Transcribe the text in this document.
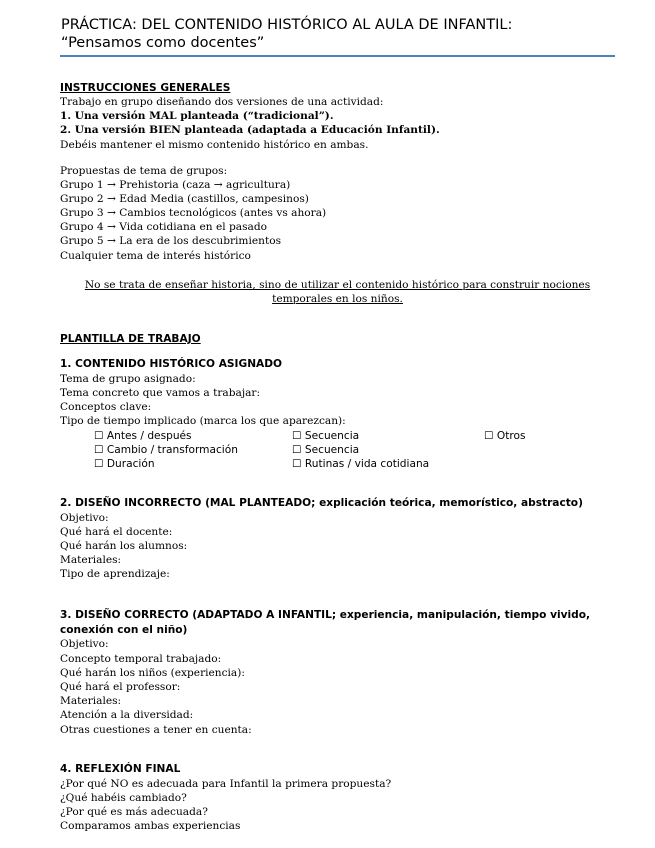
PRÁCTICA: DEL CONTENIDO HISTÓRICO AL AULA DE INFANTIL:
“Pensamos como docentes”
INSTRUCCIONES GENERALES
Trabajo en grupo diseñando dos versiones de una actividad:
1. Una versión MAL planteada (“tradicional”).
2. Una versión BIEN planteada (adaptada a Educación Infantil).
Debéis mantener el mismo contenido histórico en ambas.
Propuestas de tema de grupos:
Grupo 1 → Prehistoria (caza → agricultura)
Grupo 2 → Edad Media (castillos, campesinos)
Grupo 3 → Cambios tecnológicos (antes vs ahora)
Grupo 4 → Vida cotidiana en el pasado
Grupo 5 → La era de los descubrimientos
Cualquier tema de interés histórico
No se trata de enseñar historia, sino de utilizar el contenido histórico para construir nociones
temporales en los niños.
PLANTILLA DE TRABAJO
1. CONTENIDO HISTÓRICO ASIGNADO
Tema de grupo asignado:
Tema concreto que vamos a trabajar:
Conceptos clave:
Tipo de tiempo implicado (marca los que aparezcan):
☐ Antes / después
☐ Cambio / transformación
☐ Duración
☐ Secuencia
☐ Secuencia
☐ Rutinas / vida cotidiana
☐ Otros
2. DISEÑO INCORRECTO (MAL PLANTEADO; explicación teórica, memorístico, abstracto)
Objetivo:
Qué hará el docente:
Qué harán los alumnos:
Materiales:
Tipo de aprendizaje:
3. DISEÑO CORRECTO (ADAPTADO A INFANTIL; experiencia, manipulación, tiempo vivido, conexión con el niño)
Objetivo:
Concepto temporal trabajado:
Qué harán los niños (experiencia):
Qué hará el professor:
Materiales:
Atención a la diversidad:
Otras cuestiones a tener en cuenta:
4. REFLEXIÓN FINAL
¿Por qué NO es adecuada para Infantil la primera propuesta?
¿Qué habéis cambiado?
¿Por qué es más adecuada?
Comparamos ambas experiencias
